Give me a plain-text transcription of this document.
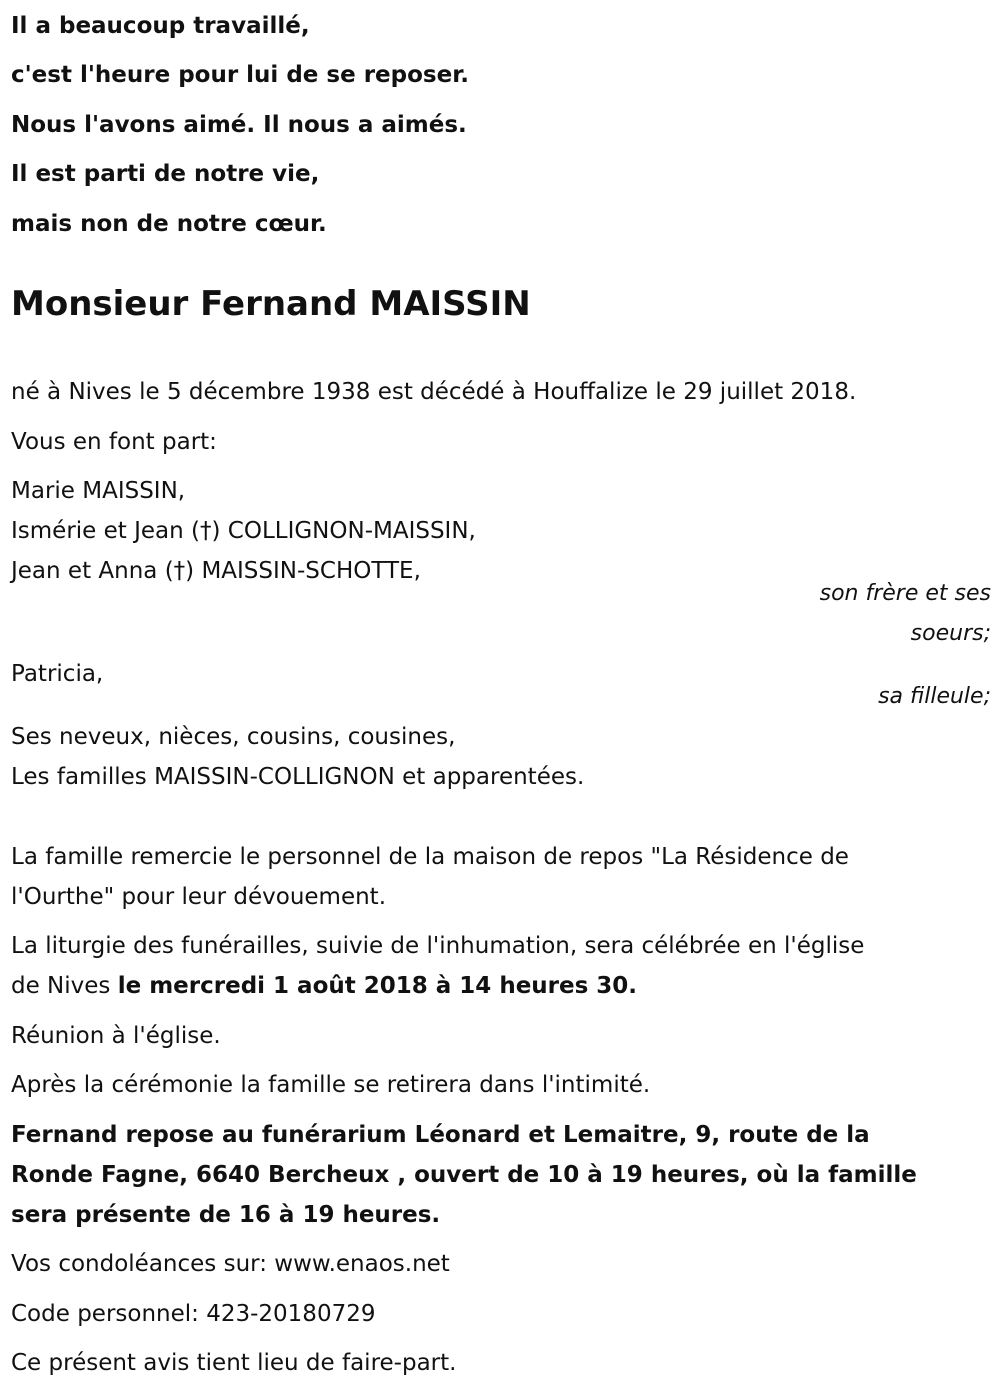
Il a beaucoup travaillé,

c'est l'heure pour lui de se reposer.

Nous l'avons aimé. Il nous a aimés.

Il est parti de notre vie,

mais non de notre cœur.

Monsieur Fernand MAISSIN

né à Nives le 5 décembre 1938 est décédé à Houffalize le 29 juillet 2018.

Vous en font part:

Marie MAISSIN,

Ismérie et Jean (†) COLLIGNON-MAISSIN,

Jean et Anna (†) MAISSIN-SCHOTTE,

son frère et ses

soeurs;

Patricia,

sa filleule;

Ses neveux, nièces, cousins, cousines,

Les familles MAISSIN-COLLIGNON et apparentées.

La famille remercie le personnel de la maison de repos "La Résidence de

l'Ourthe" pour leur dévouement.

La liturgie des funérailles, suivie de l'inhumation, sera célébrée en l'église

de Nives le mercredi 1 août 2018 à 14 heures 30.

Réunion à l'église.

Après la cérémonie la famille se retirera dans l'intimité.

Fernand repose au funérarium Léonard et Lemaitre, 9, route de la

Ronde Fagne, 6640 Bercheux , ouvert de 10 à 19 heures, où la famille

sera présente de 16 à 19 heures.

Vos condoléances sur: www.enaos.net

Code personnel: 423-20180729

Ce présent avis tient lieu de faire-part.
